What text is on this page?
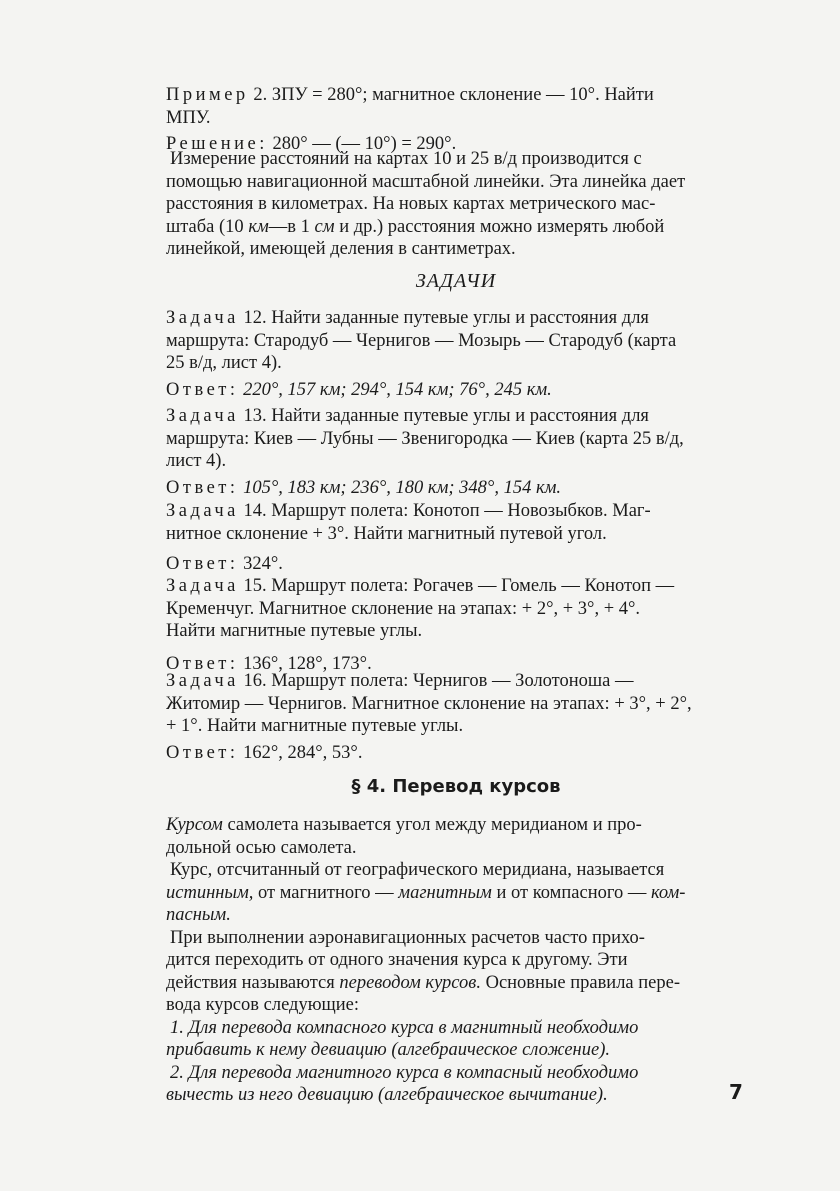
Пример 2. ЗПУ = 280°; магнитное склонение — 10°. Найти

МПУ.

Решение: 280° — (— 10°) = 290°.

Измерение расстояний на картах 10 и 25 в/д производится с

помощью навигационной масштабной линейки. Эта линейка дает

расстояния в километрах. На новых картах метрического мас-

штаба (10 км—в 1 см и др.) расстояния можно измерять любой

линейкой, имеющей деления в сантиметрах.

ЗАДАЧИ

Задача 12. Найти заданные путевые углы и расстояния для

маршрута: Стародуб — Чернигов — Мозырь — Стародуб (карта

25 в/д, лист 4).

Ответ: 220°, 157 км; 294°, 154 км; 76°, 245 км.

Задача 13. Найти заданные путевые углы и расстояния для

маршрута: Киев — Лубны — Звенигородка — Киев (карта 25 в/д,

лист 4).

Ответ: 105°, 183 км; 236°, 180 км; 348°, 154 км.

Задача 14. Маршрут полета: Конотоп — Новозыбков. Маг-

нитное склонение + 3°. Найти магнитный путевой угол.

Ответ: 324°.

Задача 15. Маршрут полета: Рогачев — Гомель — Конотоп —

Кременчуг. Магнитное склонение на этапах: + 2°, + 3°, + 4°.

Найти магнитные путевые углы.

Ответ: 136°, 128°, 173°.

Задача 16. Маршрут полета: Чернигов — Золотоноша —

Житомир — Чернигов. Магнитное склонение на этапах: + 3°, + 2°,

+ 1°. Найти магнитные путевые углы.

Ответ: 162°, 284°, 53°.

§ 4. Перевод курсов

Курсом самолета называется угол между меридианом и про-

дольной осью самолета.

Курс, отсчитанный от географического меридиана, называется

истинным, от магнитного — магнитным и от компасного — ком-

пасным.

При выполнении аэронавигационных расчетов часто прихо-

дится переходить от одного значения курса к другому. Эти

действия называются переводом курсов. Основные правила пере-

вода курсов следующие:

1. Для перевода компасного курса в магнитный необходимо

прибавить к нему девиацию (алгебраическое сложение).

2. Для перевода магнитного курса в компасный необходимо

вычесть из него девиацию (алгебраическое вычитание).	7
